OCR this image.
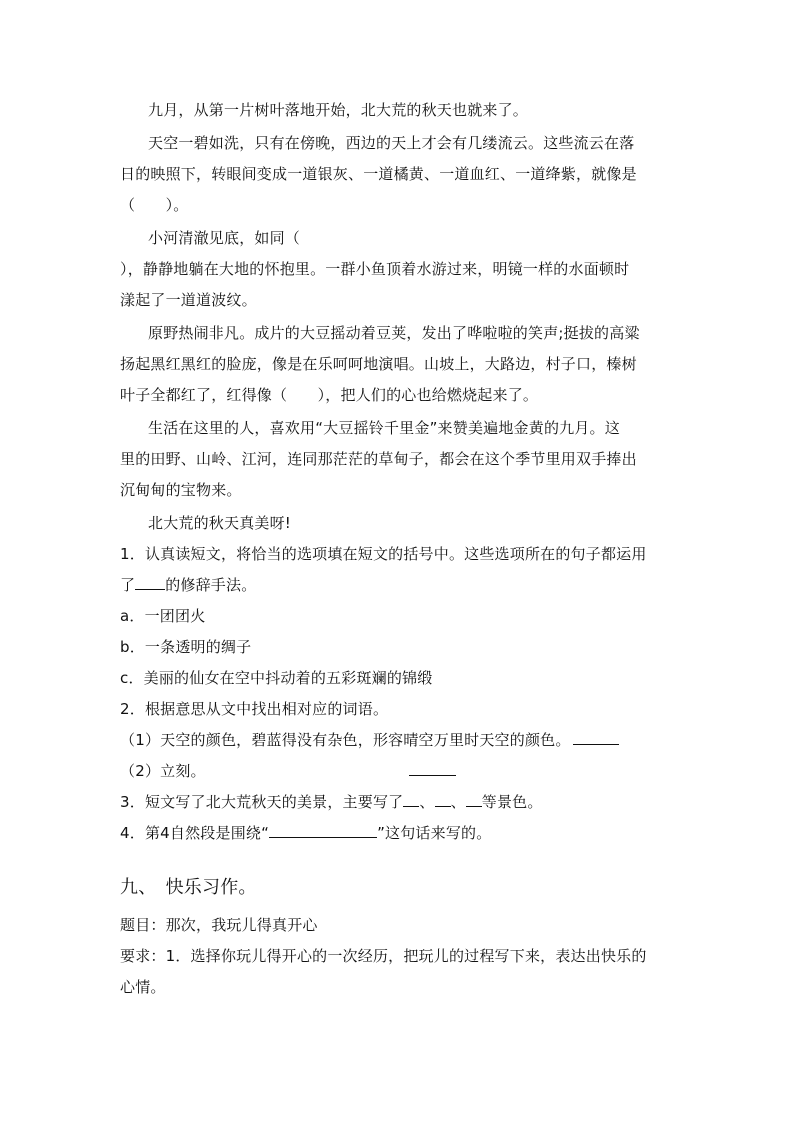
九月，从第一片树叶落地开始，北大荒的秋天也就来了。
天空一碧如洗，只有在傍晚，西边的天上才会有几缕流云。这些流云在落
日的映照下，转眼间变成一道银灰、一道橘黄、一道血红、一道绛紫，就像是
（　　）。
小河清澈见底，如同（
），静静地躺在大地的怀抱里。一群小鱼顶着水游过来，明镜一样的水面顿时
漾起了一道道波纹。
原野热闹非凡。成片的大豆摇动着豆荚，发出了哗啦啦的笑声;挺拔的高粱
扬起黑红黑红的脸庞，像是在乐呵呵地演唱。山坡上，大路边，村子口，榛树
叶子全都红了，红得像（　　），把人们的心也给燃烧起来了。
生活在这里的人，喜欢用“大豆摇铃千里金”来赞美遍地金黄的九月。这
里的田野、山岭、江河，连同那茫茫的草甸子，都会在这个季节里用双手捧出
沉甸甸的宝物来。
北大荒的秋天真美呀!
1．认真读短文，将恰当的选项填在短文的括号中。这些选项所在的句子都运用
了 的修辞手法。
a．一团团火
b．一条透明的绸子
c．美丽的仙女在空中抖动着的五彩斑斓的锦缎
2．根据意思从文中找出相对应的词语。
（1）天空的颜色，碧蓝得没有杂色，形容晴空万里时天空的颜色。
（2）立刻。
3．短文写了北大荒秋天的美景，主要写了 、 、 等景色。
4．第4自然段是围绕“	”这句话来写的。
九、　快乐习作。
题目：那次，我玩儿得真开心
要求：1．选择你玩儿得开心的一次经历，把玩儿的过程写下来，表达出快乐的
心情。
